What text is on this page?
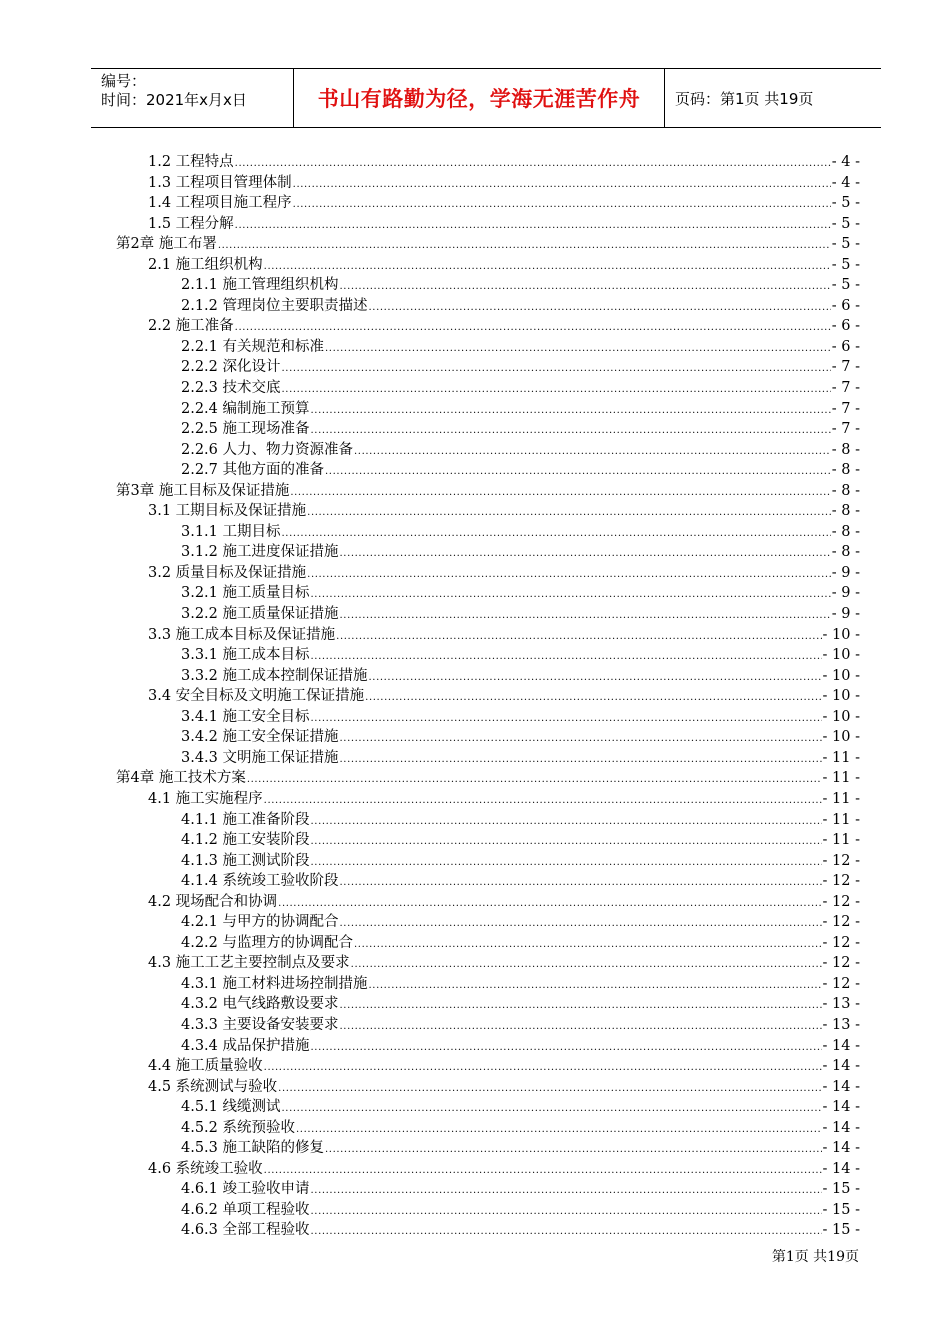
编号：
时间：2021年x月x日	书山有路勤为径，学海无涯苦作舟 页码：第1页 共19页
1.2 工程特点 .....	- 4 -
1.3 工程项目管理体制 .....	- 4 -
1.4 工程项目施工程序 .....	- 5 -
1.5 工程分解 .....	- 5 -
第2章 施工布署 .....	- 5 -
2.1 施工组织机构 .....	- 5 -
2.1.1 施工管理组织机构 .....	- 5 -
2.1.2 管理岗位主要职责描述 .....	- 6 -
2.2 施工准备 .....	- 6 -
2.2.1 有关规范和标准 .....	- 6 -
2.2.2 深化设计 .....	- 7 -
2.2.3 技术交底 .....	- 7 -
2.2.4 编制施工预算 .....	- 7 -
2.2.5 施工现场准备 .....	- 7 -
2.2.6 人力、物力资源准备 .....	- 8 -
2.2.7 其他方面的准备 .....	- 8 -
第3章 施工目标及保证措施 .....	- 8 -
3.1 工期目标及保证措施 .....	- 8 -
3.1.1 工期目标 .....	- 8 -
3.1.2 施工进度保证措施 .....	- 8 -
3.2 质量目标及保证措施 .....	- 9 -
3.2.1 施工质量目标 .....	- 9 -
3.2.2 施工质量保证措施 .....	- 9 -
3.3 施工成本目标及保证措施 .....	- 10 -
3.3.1 施工成本目标 .....	- 10 -
3.3.2 施工成本控制保证措施 .....	- 10 -
3.4 安全目标及文明施工保证措施 .....	- 10 -
3.4.1 施工安全目标 .....	- 10 -
3.4.2 施工安全保证措施 .....	- 10 -
3.4.3 文明施工保证措施 .....	- 11 -
第4章 施工技术方案 .....	- 11 -
4.1 施工实施程序 .....	- 11 -
4.1.1 施工准备阶段 .....	- 11 -
4.1.2 施工安装阶段 .....	- 11 -
4.1.3 施工测试阶段 .....	- 12 -
4.1.4 系统竣工验收阶段 .....	- 12 -
4.2 现场配合和协调 .....	- 12 -
4.2.1 与甲方的协调配合 .....	- 12 -
4.2.2 与监理方的协调配合 .....	- 12 -
4.3 施工工艺主要控制点及要求 .....	- 12 -
4.3.1 施工材料进场控制措施 .....	- 12 -
4.3.2 电气线路敷设要求 .....	- 13 -
4.3.3 主要设备安装要求 .....	- 13 -
4.3.4 成品保护措施 .....	- 14 -
4.4 施工质量验收 .....	- 14 -
4.5 系统测试与验收 .....	- 14 -
4.5.1 线缆测试 .....	- 14 -
4.5.2 系统预验收 .....	- 14 -
4.5.3 施工缺陷的修复 .....	- 14 -
4.6 系统竣工验收 .....	- 14 -
4.6.1 竣工验收申请 .....	- 15 -
4.6.2 单项工程验收 .....	- 15 -
4.6.3 全部工程验收 .....	- 15 -
第1页 共19页
